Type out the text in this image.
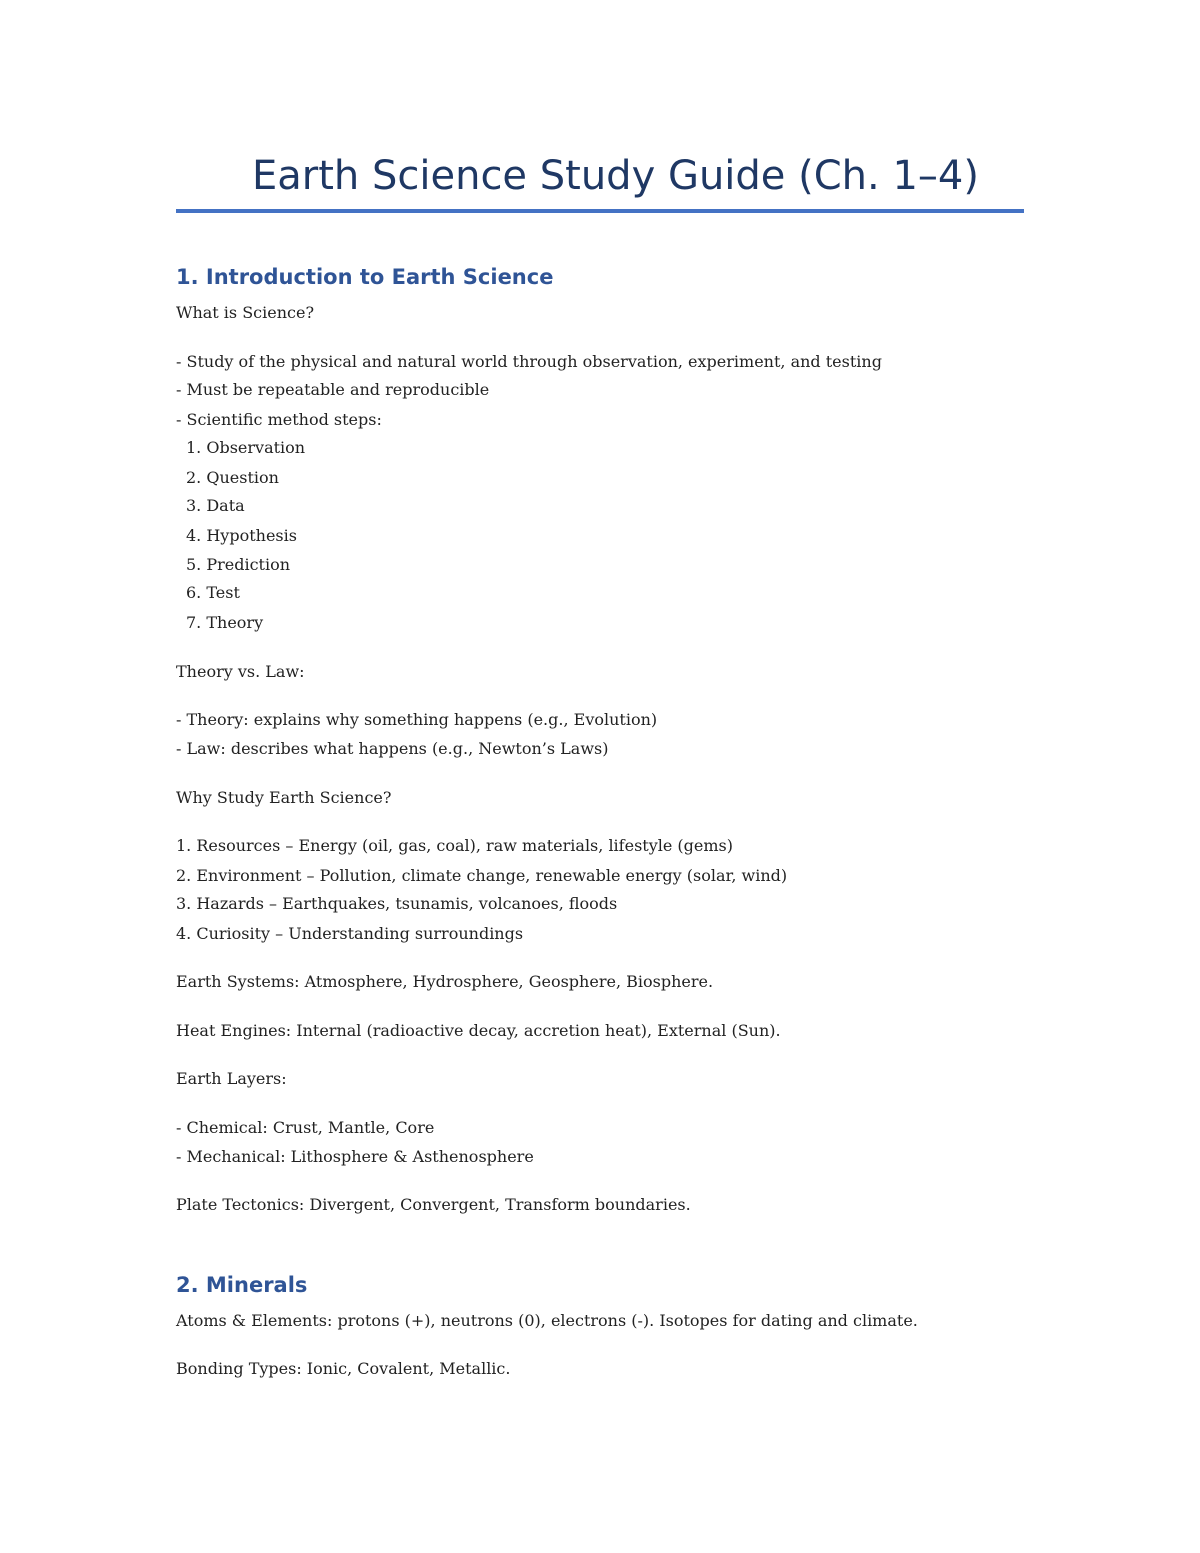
Earth Science Study Guide (Ch. 1–4)
1. Introduction to Earth Science
What is Science?
- Study of the physical and natural world through observation, experiment, and testing
- Must be repeatable and reproducible
- Scientific method steps:
1. Observation
2. Question
3. Data
4. Hypothesis
5. Prediction
6. Test
7. Theory
Theory vs. Law:
- Theory: explains why something happens (e.g., Evolution)
- Law: describes what happens (e.g., Newton’s Laws)
Why Study Earth Science?
1. Resources – Energy (oil, gas, coal), raw materials, lifestyle (gems)
2. Environment – Pollution, climate change, renewable energy (solar, wind)
3. Hazards – Earthquakes, tsunamis, volcanoes, floods
4. Curiosity – Understanding surroundings
Earth Systems: Atmosphere, Hydrosphere, Geosphere, Biosphere.
Heat Engines: Internal (radioactive decay, accretion heat), External (Sun).
Earth Layers:
- Chemical: Crust, Mantle, Core
- Mechanical: Lithosphere & Asthenosphere
Plate Tectonics: Divergent, Convergent, Transform boundaries.
2. Minerals
Atoms & Elements: protons (+), neutrons (0), electrons (-). Isotopes for dating and climate.
Bonding Types: Ionic, Covalent, Metallic.
